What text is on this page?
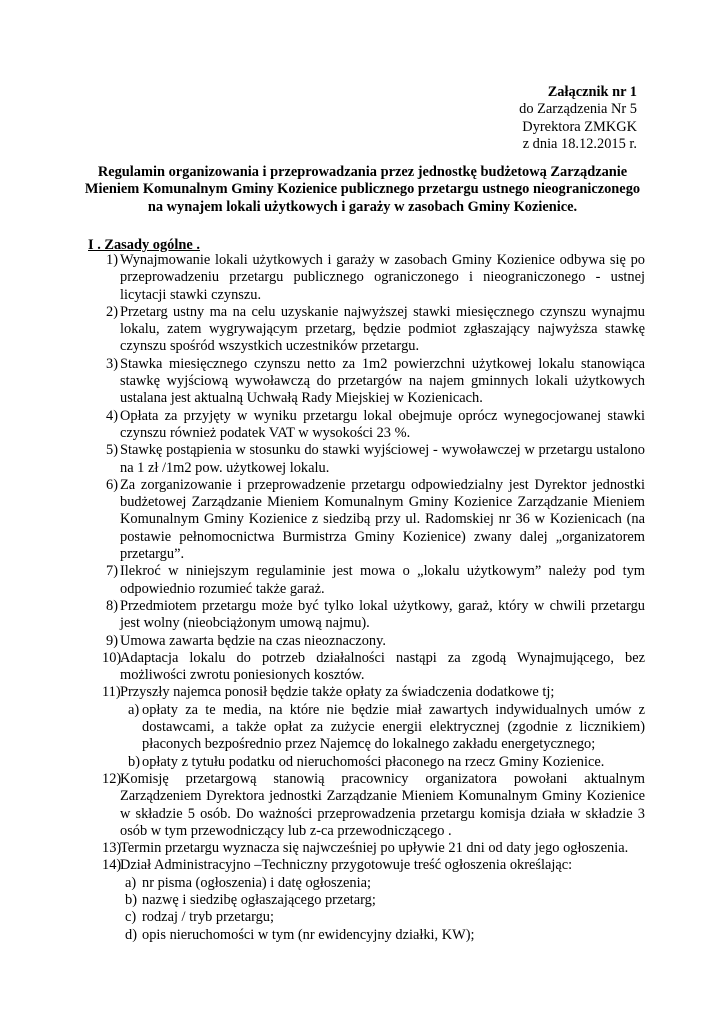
Załącznik nr 1
do Zarządzenia Nr 5
Dyrektora ZMKGK
z dnia 18.12.2015 r.
Regulamin organizowania i przeprowadzania przez jednostkę budżetową Zarządzanie Mieniem Komunalnym Gminy Kozienice publicznego przetargu ustnego nieograniczonego na wynajem lokali użytkowych i garaży w zasobach Gminy Kozienice.
I . Zasady ogólne .
1) Wynajmowanie lokali użytkowych i garaży w zasobach Gminy Kozienice odbywa się po przeprowadzeniu przetargu publicznego ograniczonego i nieograniczonego - ustnej licytacji stawki czynszu.
2) Przetarg ustny ma na celu uzyskanie najwyższej stawki miesięcznego czynszu wynajmu lokalu, zatem wygrywającym przetarg, będzie podmiot zgłaszający najwyższa stawkę czynszu spośród wszystkich uczestników przetargu.
3) Stawka miesięcznego czynszu netto za 1m2 powierzchni użytkowej lokalu stanowiąca stawkę wyjściową wywoławczą do przetargów na najem gminnych lokali użytkowych ustalana jest aktualną Uchwałą Rady Miejskiej w Kozienicach.
4) Opłata za przyjęty w wyniku przetargu lokal obejmuje oprócz wynegocjowanej stawki czynszu również podatek VAT w wysokości 23 %.
5) Stawkę postąpienia w stosunku do stawki wyjściowej - wywoławczej w przetargu ustalono na 1 zł /1m2 pow. użytkowej lokalu.
6) Za zorganizowanie i przeprowadzenie przetargu odpowiedzialny jest Dyrektor jednostki budżetowej Zarządzanie Mieniem Komunalnym Gminy Kozienice Zarządzanie Mieniem Komunalnym Gminy Kozienice z siedzibą przy ul. Radomskiej nr 36 w Kozienicach (na postawie pełnomocnictwa Burmistrza Gminy Kozienice) zwany dalej „organizatorem przetargu”.
7) Ilekroć w niniejszym regulaminie jest mowa o „lokalu użytkowym” należy pod tym odpowiednio rozumieć także garaż.
8) Przedmiotem przetargu może być tylko lokal użytkowy, garaż, który w chwili przetargu jest wolny (nieobciążonym umową najmu).
9) Umowa zawarta będzie na czas nieoznaczony.
10)
Adaptacja lokalu do potrzeb działalności nastąpi za zgodą Wynajmującego, bez możliwości zwrotu poniesionych kosztów.
11) Przyszły najemca ponosił będzie także opłaty za świadczenia dodatkowe tj;
a) opłaty za te media, na które nie będzie miał zawartych indywidualnych umów z dostawcami, a także opłat za zużycie energii elektrycznej (zgodnie z licznikiem) płaconych bezpośrednio przez Najemcę do lokalnego zakładu energetycznego;
b) opłaty z tytułu podatku od nieruchomości płaconego na rzecz Gminy Kozienice.
12)
Komisję przetargową stanowią pracownicy organizatora powołani aktualnym Zarządzeniem Dyrektora jednostki Zarządzanie Mieniem Komunalnym Gminy Kozienice w składzie 5 osób. Do ważności przeprowadzenia przetargu komisja działa w składzie 3 osób w tym przewodniczący lub z-ca przewodniczącego .
13)
Termin przetargu wyznacza się najwcześniej po upływie 21 dni od daty jego ogłoszenia.
14)
Dział Administracyjno –Techniczny przygotowuje treść ogłoszenia określając:
a) nr pisma (ogłoszenia) i datę ogłoszenia;
b) nazwę i siedzibę ogłaszającego przetarg;
c) rodzaj / tryb przetargu;
d) opis nieruchomości w tym (nr ewidencyjny działki, KW);
